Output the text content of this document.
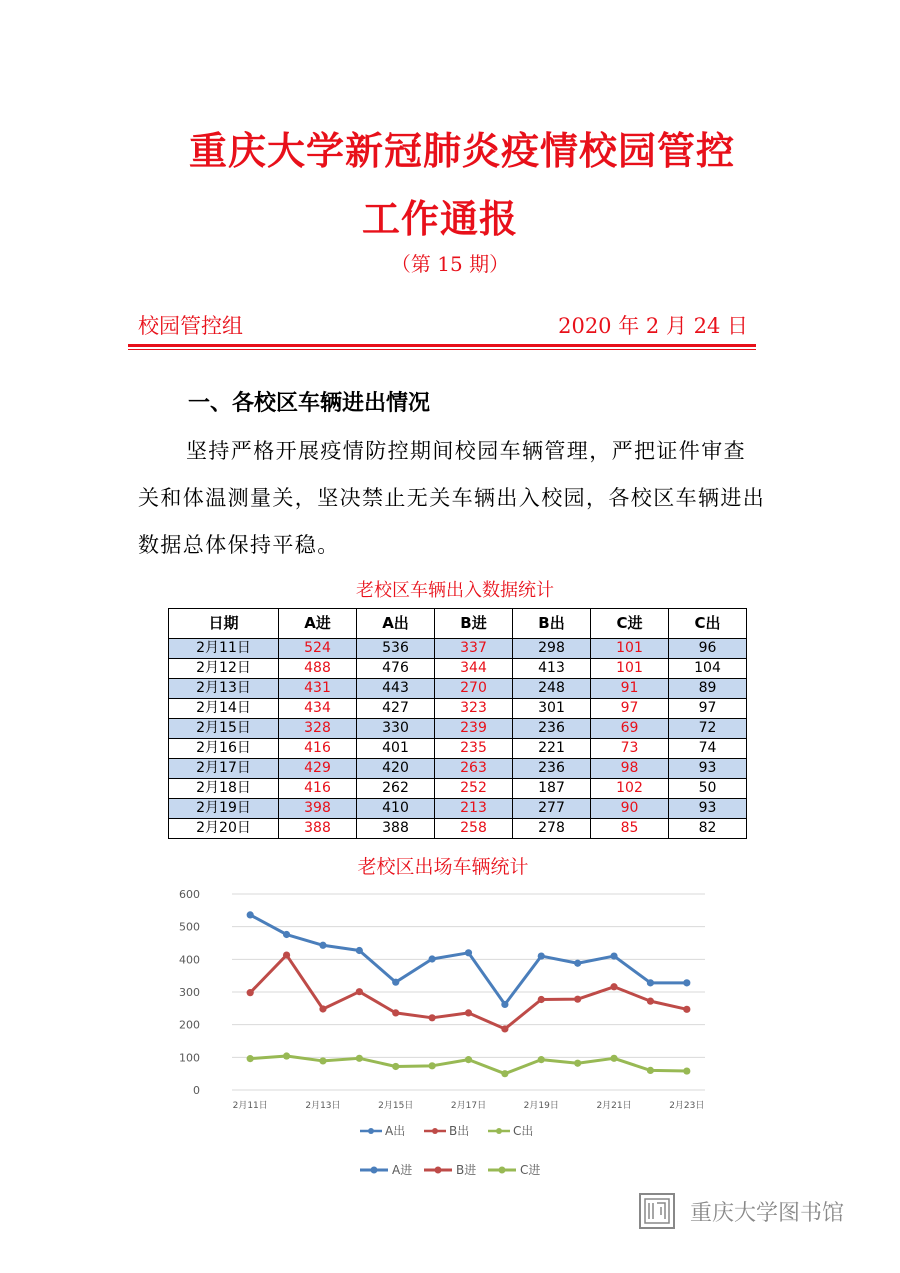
重庆大学新冠肺炎疫情校园管控
工作通报
（第 15 期）
校园管控组	2020 年 2 月 24 日
一、各校区车辆进出情况

坚持严格开展疫情防控期间校园车辆管理，严把证件审查关和体温测量关，坚决禁止无关车辆出入校园，各校区车辆进出数据总体保持平稳。

老校区车辆出入数据统计
日期	A进	A出	B进	B出	C进	C出
2月11日	524	536	337	298	101	96
2月12日	488	476	344	413	101	104
2月13日	431	443	270	248	91	89
2月14日	434	427	323	301	97	97
2月15日	328	330	239	236	69	72
2月16日	416	401	235	221	73	74
2月17日	429	420	263	236	98	93
2月18日	416	262	252	187	102	50
2月19日	398	410	213	277	90	93
2月20日	388	388	258	278	85	82
老校区出场车辆统计
0
100
200
300
400
500
600
2月11日	2月13日	2月15日	2月17日	2月19日	2月21日	2月23日
A出	B出	C出
A进	B进	C进
重庆大学图书馆
